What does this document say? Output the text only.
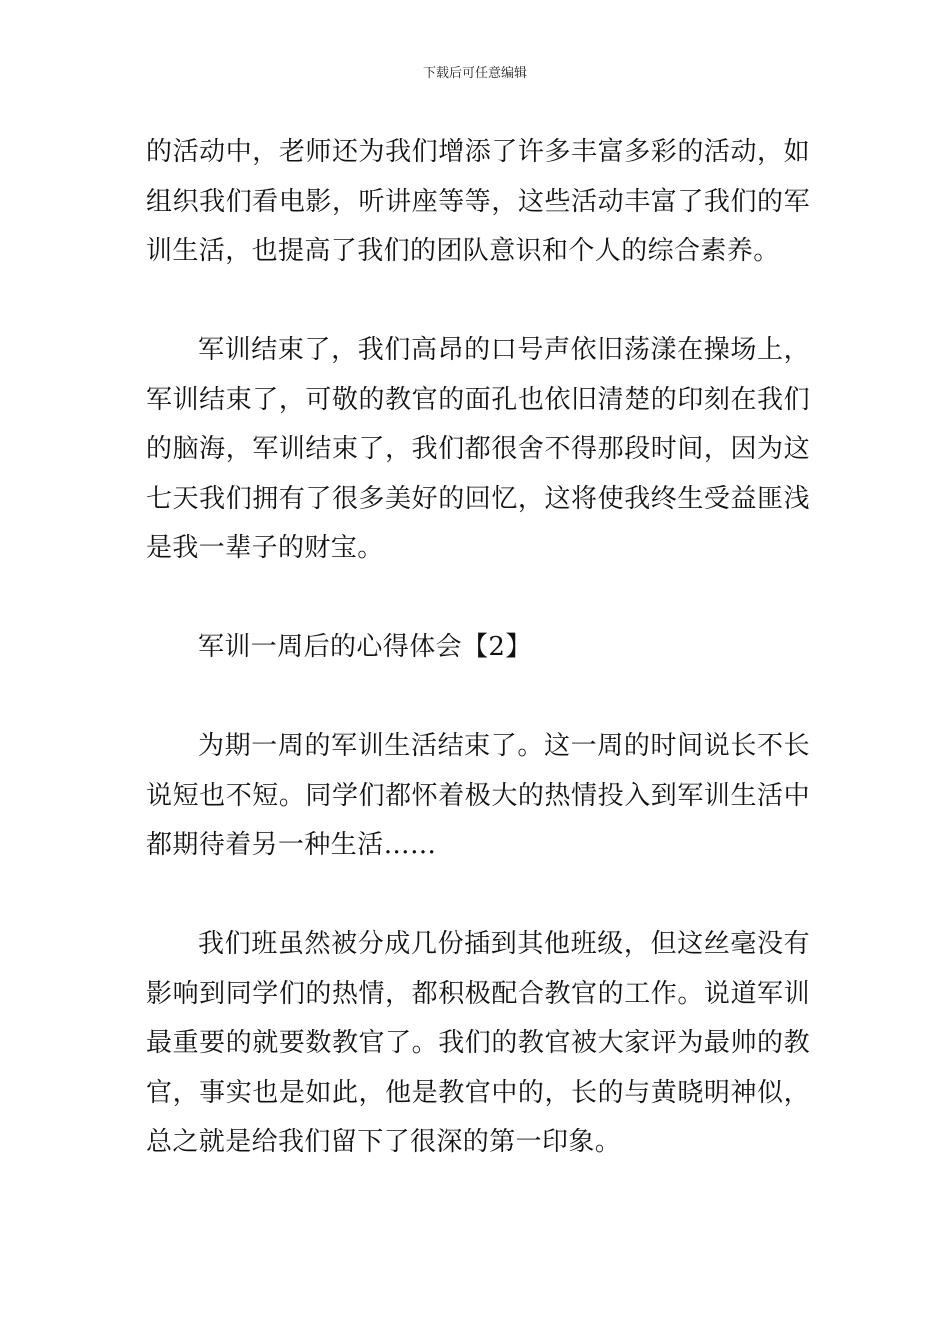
下载后可任意编辑

的活动中，老师还为我们增添了许多丰富多彩的活动，如组织我们看电影，听讲座等等，这些活动丰富了我们的军训生活，也提高了我们的团队意识和个人的综合素养。

军训结束了，我们高昂的口号声依旧荡漾在操场上，军训结束了，可敬的教官的面孔也依旧清楚的印刻在我们的脑海，军训结束了，我们都很舍不得那段时间，因为这七天我们拥有了很多美好的回忆，这将使我终生受益匪浅是我一辈子的财宝。

军训一周后的心得体会【2】

为期一周的军训生活结束了。这一周的时间说长不长说短也不短。同学们都怀着极大的热情投入到军训生活中都期待着另一种生活……

我们班虽然被分成几份插到其他班级，但这丝毫没有影响到同学们的热情，都积极配合教官的工作。说道军训最重要的就要数教官了。我们的教官被大家评为最帅的教官，事实也是如此，他是教官中的，长的与黄晓明神似，总之就是给我们留下了很深的第一印象。
